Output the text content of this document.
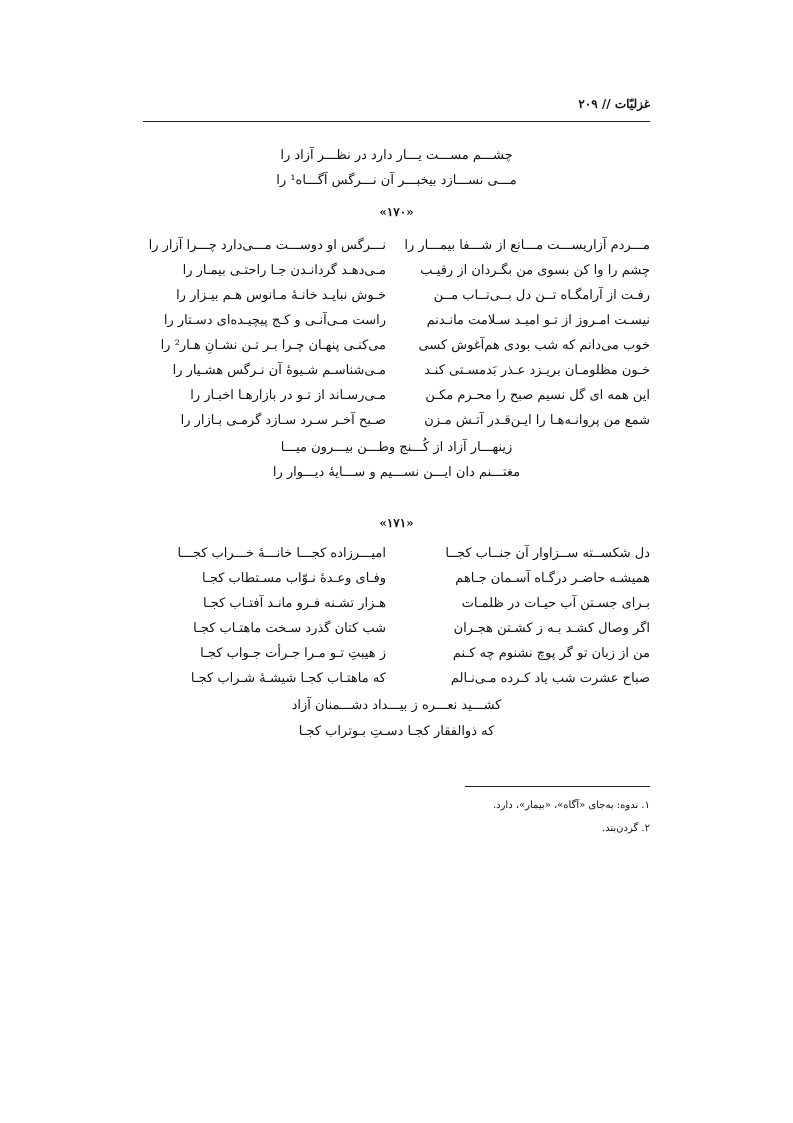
غزلیّات // ۲۰۹
چشـــم مســـت یـــار دارد در نظـــر آزاد را
مـــی نســـازد بیخبـــر آن نـــرگس آگـــاه¹ را
«۱۷۰»
مـــردم آزاریســـت مـــانع از شـــفا بیمـــار را
نـــرگس او دوســـت مـــی‌دارد چـــرا آزار را
چشم را وا کن بسوی من بگـردان از رقیـب
مـی‌دهـد گردانـدن جـا راحتـی بیمـار را
رفـت از آرامگـاه تــن دل بــی‌تــاب مــن
خـوش نبایـد خانـهٔ مـانوس هـم بیـزار را
نیسـت امـروز از تـو امیـد سـلامت مانـدنم
راست مـی‌آنـی و کـج پیچیـده‌ای دسـتار را
خوب می‌دانم که شب بودی هم‌آغوش کسی
می‌کنـی پنهـان چـرا بـر تـن نشـانِ هـار² را
خـون مظلومـان بریـزد عـذر بَدمسـتی کنـد
مـی‌شناسـم شـیوهٔ آن نـرگس هشـیار را
این همه ای گل نسیم صبح را محـرم مکـن
مـی‌رسـاند از تـو در بازارهـا اخبـار را
شمع من پروانـه‌هـا را ایـن‌قـدر آتـش مـزن
صـبح آخـر سـرد سـازد گرمـی بـازار را
زینهـــار آزاد از کُـــنج وطـــن بیـــرون میـــا
مغتـــنم دان ایـــن نســـیم و ســـایهٔ دیـــوار را
«۱۷۱»
دل شکســته ســزاوار آن جنــاب کجــا
امیـــرزاده کجـــا خانـــهٔ خـــراب کجـــا
همیشـه حاضـر درگـاه آسـمان جـاهم
وفـای وعـدهٔ نـوّاب مسـتطاب کجـا
بـرای جسـتن آب حیـات در ظلمـات
هـزار تشـنه فـرو مانـد آفتـاب کجـا
اگر وصال کشـد بـه ز کشـتن هجـران
شب کتان گذرد سـخت ماهتـاب کجـا
من از زبان تو گر پوچ نشنوم چه کـنم
ز هیبتِ تـو مـرا جـرأت جـواب کجـا
صباح عشرت شب یاد کـرده مـی‌نـالم
که ماهتـاب کجـا شیشـهٔ شـراب کجـا
کشـــید نعـــره ز بیـــداد دشـــمنان آزاد
که ذوالفقار کجـا دسـتِ بـوتراب کجـا
۱. ندوه: به‌جای «آگاه»، «بیمار»، دارد.
۲. گردن‌بند.
